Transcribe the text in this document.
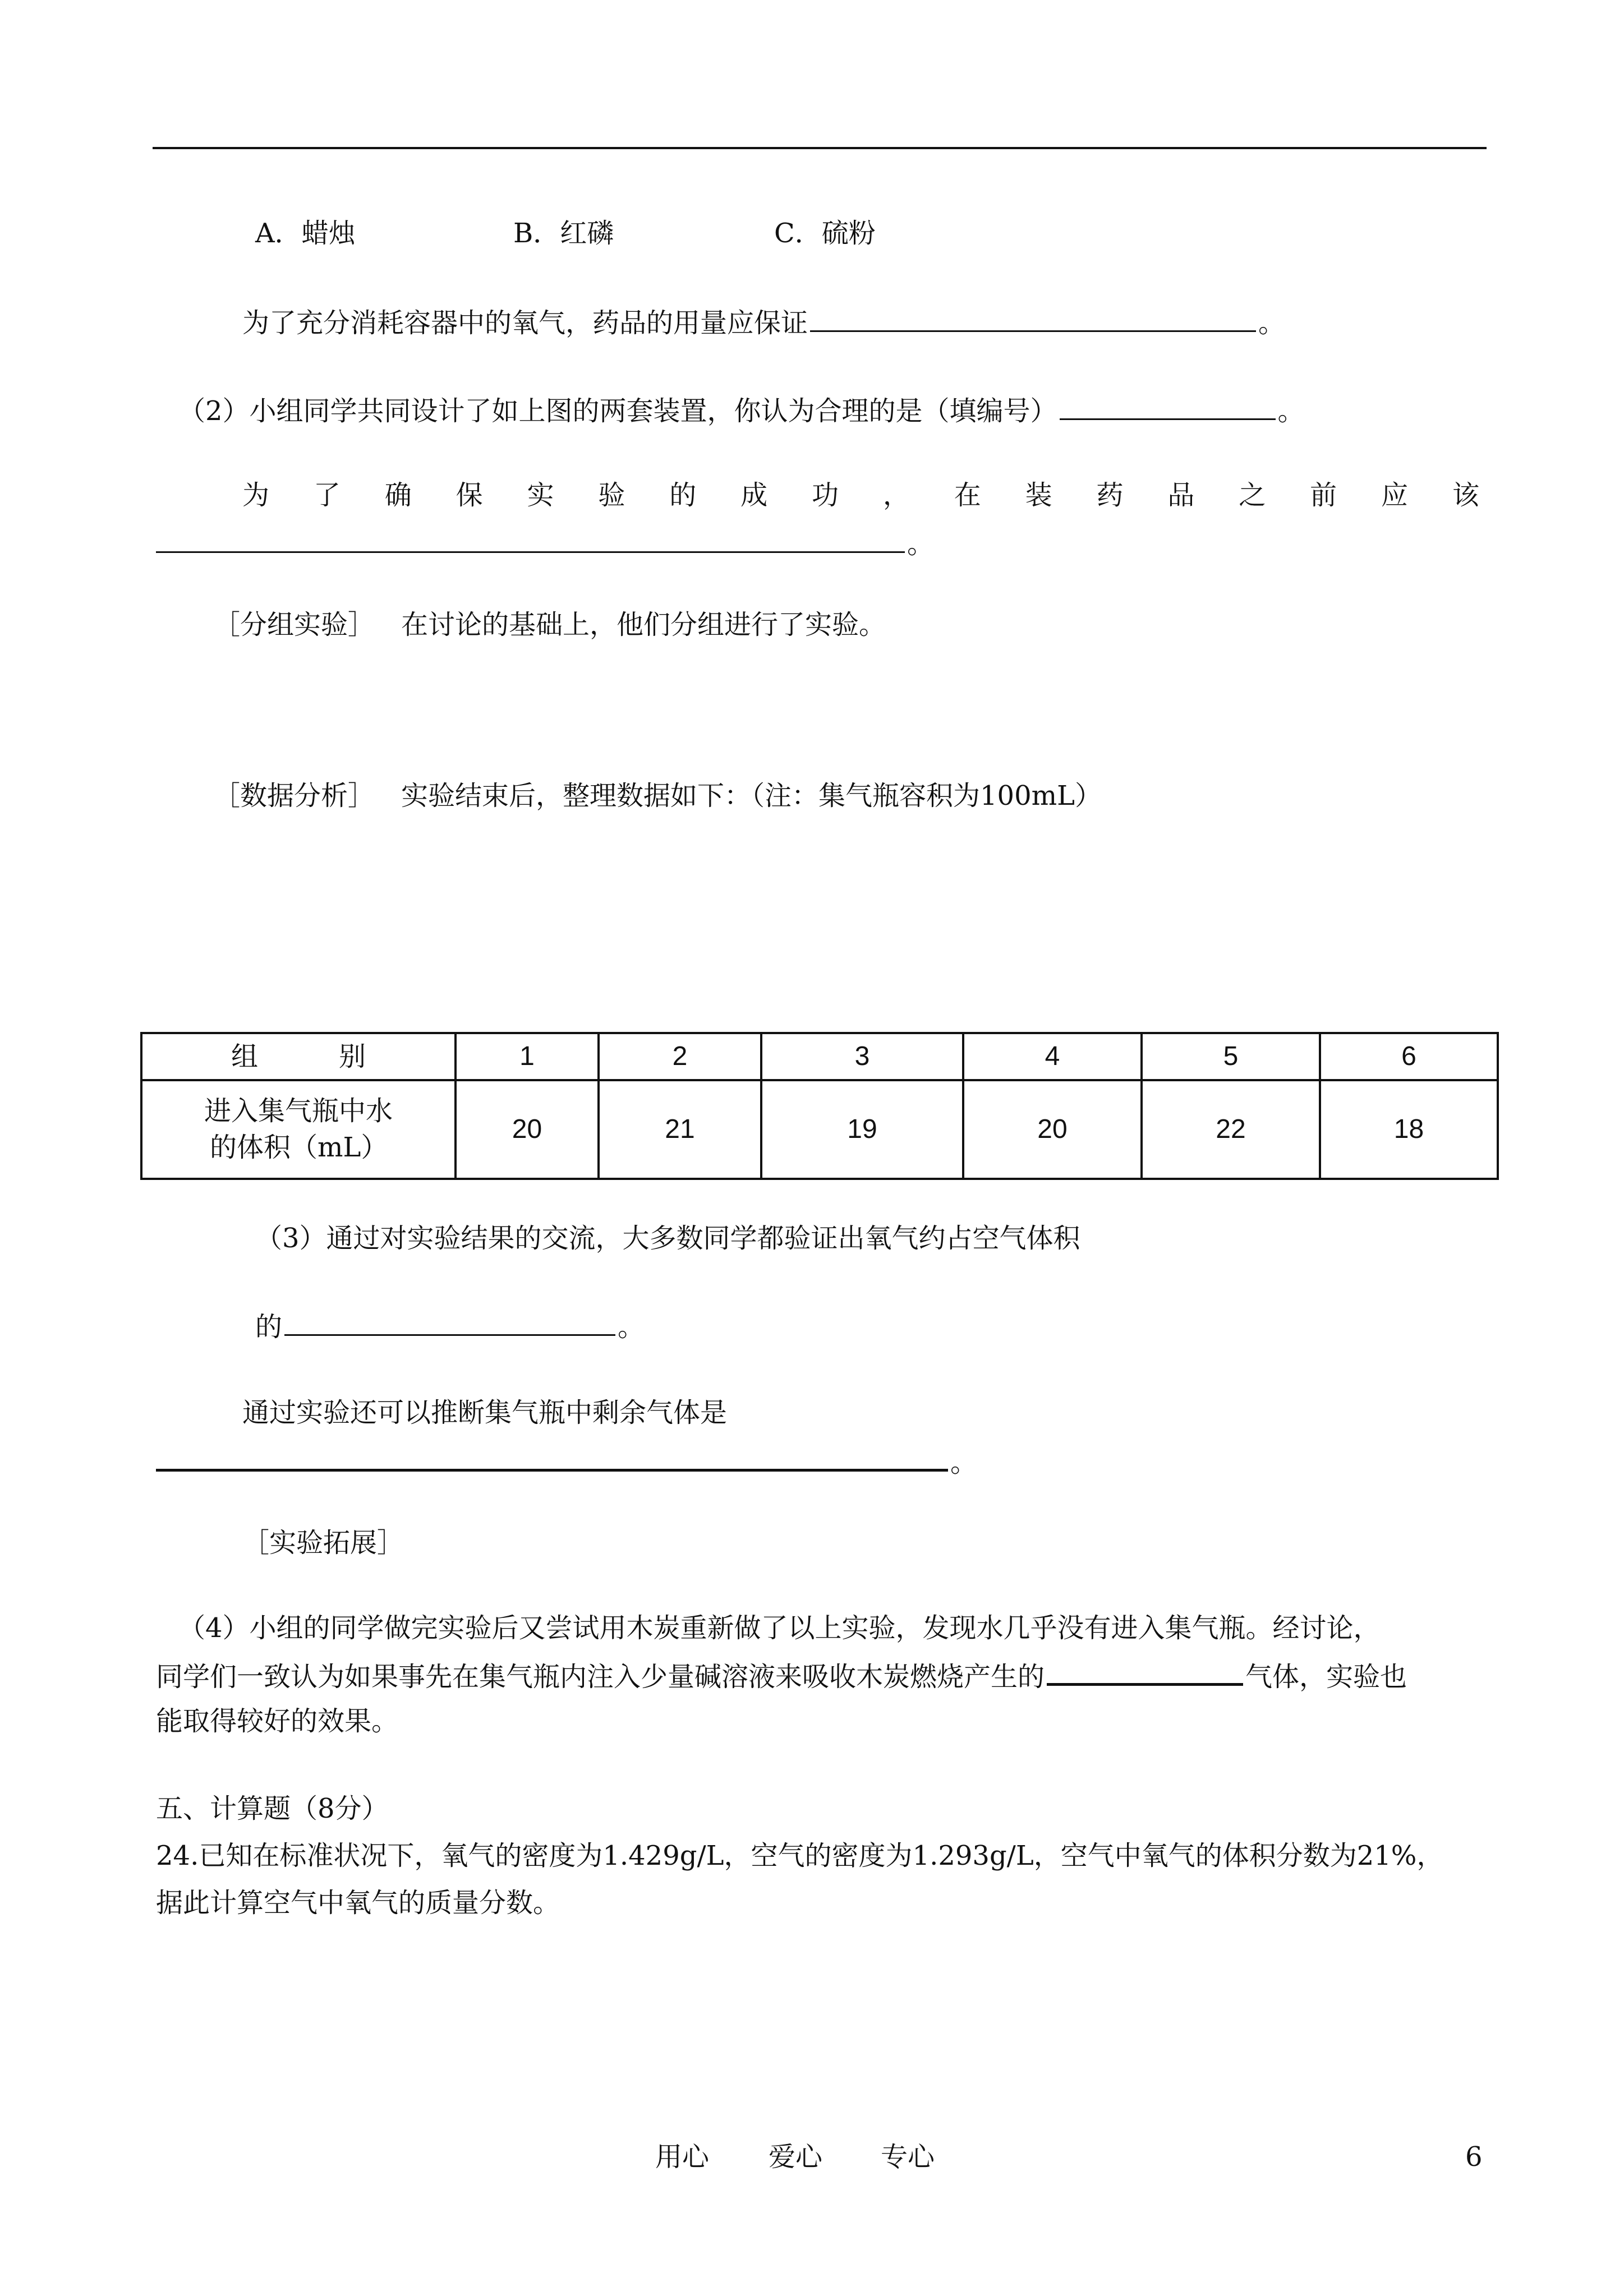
A．蜡烛	B．红磷	C．硫粉
为了充分消耗容器中的氧气，药品的用量应保证	。
（2）小组同学共同设计了如上图的两套装置，你认为合理的是（填编号）	。
为 了 确 保 实 验 的 成 功 ， 在 装 药 品 之 前 应 该
。
［分组实验］ 在讨论的基础上，他们分组进行了实验。
［数据分析］ 实验结束后，整理数据如下：（注：集气瓶容积为100mL）
组　　　别	1	2	3	4	5	6

进入集气瓶中水
的体积（mL）	20	21	19	20	22	18
（3）通过对实验结果的交流，大多数同学都验证出氧气约占空气体积
的	。
通过实验还可以推断集气瓶中剩余气体是
。
［实验拓展］
（4）小组的同学做完实验后又尝试用木炭重新做了以上实验，发现水几乎没有进入集气瓶。经讨论，
同学们一致认为如果事先在集气瓶内注入少量碱溶液来吸收木炭燃烧产生的	气体，实验也
能取得较好的效果。
五、计算题（8分）
24.已知在标准状况下，氧气的密度为1.429g/L，空气的密度为1.293g/L，空气中氧气的体积分数为21%，
据此计算空气中氧气的质量分数。
用心 爱心 专心	6
